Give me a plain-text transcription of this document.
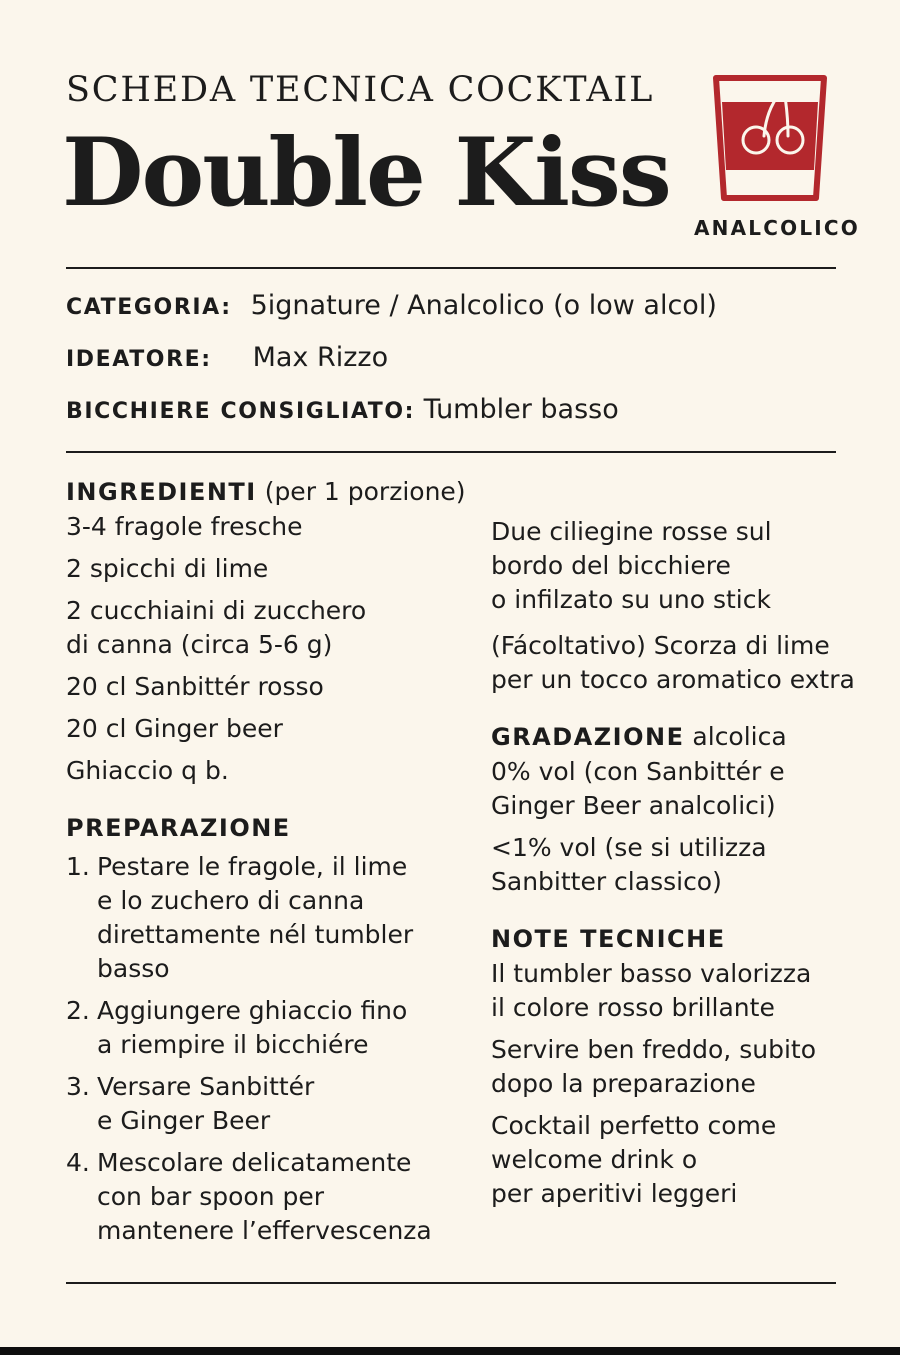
SCHEDA TECNICA COCKTAIL
Double Kiss ANALCOLICO
CATEGORIA: 5ignature / Analcolico (o low alcol)
IDEATORE: Max Rizzo
BICCHIERE CONSIGLIATO: Tumbler basso
INGREDIENTI (per 1 porzione)
3-4 fragole fresche
2 spicchi di lime
2 cucchiaini di zucchero
di canna (circa 5-6 g)
20 cl Sanbittér rosso
20 cl Ginger beer
Ghiaccio q b.
PREPARAZIONE
1. Pestare le fragole, il lime
e lo zuchero di canna
direttamente nél tumbler
basso
2. Aggiungere ghiaccio fino
a riempire il bicchiére
3. Versare Sanbittér
e Ginger Beer
4. Mescolare delicatamente
con bar spoon per
mantenere l’effervescenza
Due ciliegine rosse sul
bordo del bicchiere
o infilzato su uno stick
(Fácoltativo) Scorza di lime
per un tocco aromatico extra
GRADAZIONE alcolica
0% vol (con Sanbittér e
Ginger Beer analcolici)
<1% vol (se si utilizza
Sanbitter classico)
NOTE TECNICHE
Il tumbler basso valorizza
il colore rosso brillante
Servire ben freddo, subito
dopo la preparazione
Cocktail perfetto come
welcome drink o
per aperitivi leggeri
